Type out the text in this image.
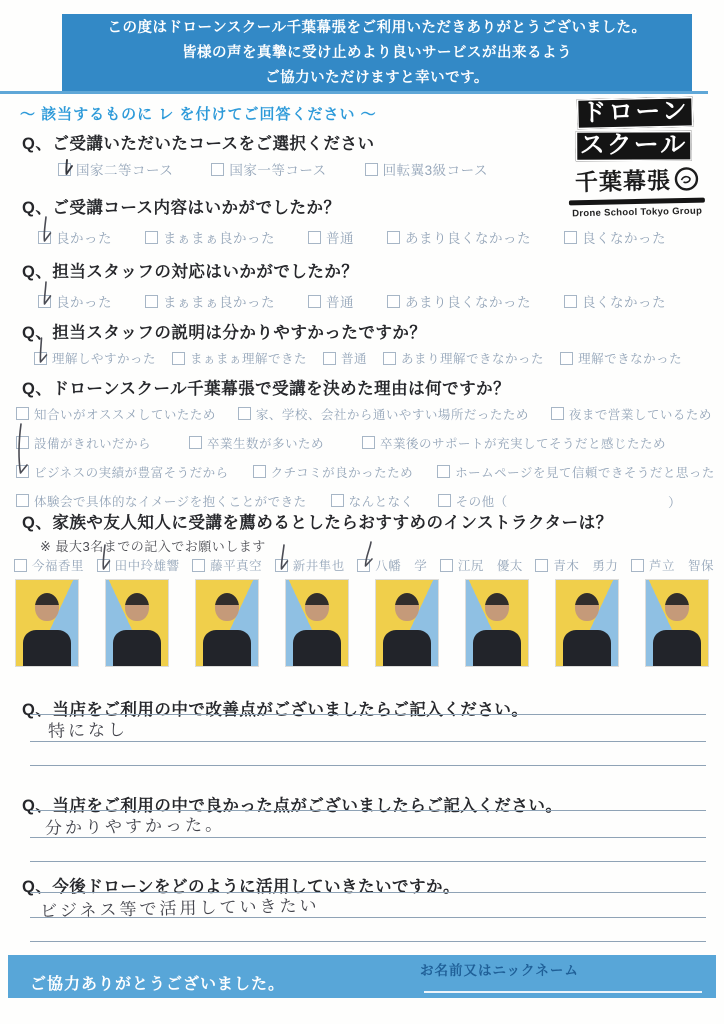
この度はドローンスクール千葉幕張をご利用いただきありがとうございました。
皆様の声を真摯に受け止めより良いサービスが出来るよう
ご協力いただけますと幸いです。
〜 該当するものに レ を付けてご回答ください 〜	ドローン
スクール
千葉幕張
Drone School Tokyo Group
Q、ご受講いただいたコースをご選択ください
国家二等コース	国家一等コース	回転翼3級コース
Q、ご受講コース内容はいかがでしたか？
良かった	まぁまぁ良かった	普通	あまり良くなかった	良くなかった
Q、担当スタッフの対応はいかがでしたか？
良かった	まぁまぁ良かった	普通	あまり良くなかった	良くなかった
Q、担当スタッフの説明は分かりやすかったですか？
理解しやすかった	まぁまぁ理解できた	普通	あまり理解できなかった	理解できなかった
Q、ドローンスクール千葉幕張で受講を決めた理由は何ですか？
知合いがオススメしていたため	家、学校、会社から通いやすい場所だったため	夜まで営業しているため
設備がきれいだから	卒業生数が多いため	卒業後のサポートが充実してそうだと感じたため
ビジネスの実績が豊富そうだから	クチコミが良かったため	ホームページを見て信頼できそうだと思った
体験会で具体的なイメージを抱くことができた	なんとなく	その他（	）
Q、家族や友人知人に受講を薦めるとしたらおすすめのインストラクターは？
※ 最大3名までの記入でお願いします
今福香里 田中玲雄響 藤平真空 新井隼也 八幡　学 江尻　優太 青木　勇力 芦立　智保
Q、当店をご利用の中で改善点がございましたらご記入ください。
特になし
Q、当店をご利用の中で良かった点がございましたらご記入ください。
分かりやすかった。
Q、今後ドローンをどのように活用していきたいですか。
ビジネス等で活用していきたい
ご協力ありがとうございました。
お名前又はニックネーム
